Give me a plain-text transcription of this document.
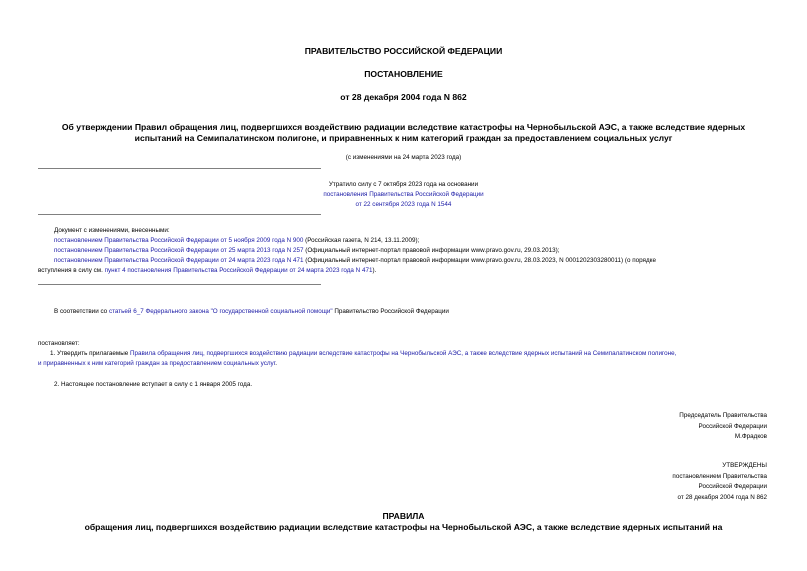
ПРАВИТЕЛЬСТВО РОССИЙСКОЙ ФЕДЕРАЦИИ
ПОСТАНОВЛЕНИЕ
от 28 декабря 2004 года N 862
Об утверждении Правил обращения лиц, подвергшихся воздействию радиации вследствие катастрофы на Чернобыльской АЭС, а также вследствие ядерных
испытаний на Семипалатинском полигоне, и приравненных к ним категорий граждан за предоставлением социальных услуг
(с изменениями на 24 марта 2023 года)
Утратило силу с 7 октября 2023 года на основании
постановления Правительства Российской Федерации
от 22 сентября 2023 года N 1544
Документ с изменениями, внесенными:
постановлением Правительства Российской Федерации от 5 ноября 2009 года N 900 (Российская газета, N 214, 13.11.2009);
постановлением Правительства Российской Федерации от 25 марта 2013 года N 257 (Официальный интернет-портал правовой информации www.pravo.gov.ru, 29.03.2013);
постановлением Правительства Российской Федерации от 24 марта 2023 года N 471 (Официальный интернет-портал правовой информации www.pravo.gov.ru, 28.03.2023, N 0001202303280011) (о порядке
вступления в силу см. пункт 4 постановления Правительства Российской Федерации от 24 марта 2023 года N 471).
В соответствии со статьей 6_7 Федерального закона "О государственной социальной помощи" Правительство Российской Федерации
постановляет:
1. Утвердить прилагаемые Правила обращения лиц, подвергшихся воздействию радиации вследствие катастрофы на Чернобыльской АЭС, а также вследствие ядерных испытаний на Семипалатинском полигоне,
и приравненных к ним категорий граждан за предоставлением социальных услуг.
2. Настоящее постановление вступает в силу с 1 января 2005 года.
Председатель Правительства
Российской Федерации
М.Фрадков
УТВЕРЖДЕНЫ
постановлением Правительства
Российской Федерации
от 28 декабря 2004 года N 862
ПРАВИЛА
обращения лиц, подвергшихся воздействию радиации вследствие катастрофы на Чернобыльской АЭС, а также вследствие ядерных испытаний на
